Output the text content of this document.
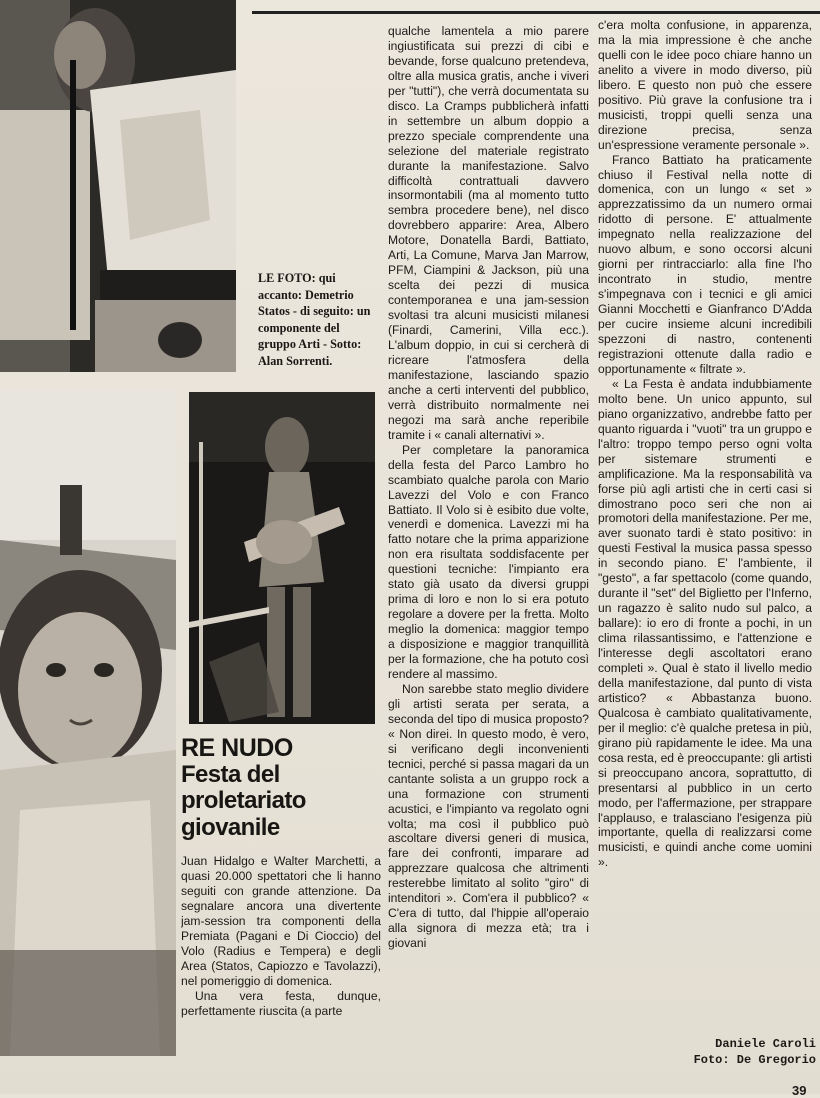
LE FOTO: qui accanto: Demetrio Statos - di seguito: un componente del gruppo Arti - Sotto: Alan Sorrenti.
RE NUDO
Festa del proletariato giovanile

Juan Hidalgo e Walter Marchetti, a quasi 20.000 spettatori che li hanno seguiti con grande attenzione. Da segnalare ancora una divertente jam-session tra componenti della Premiata (Pagani e Di Cioccio) del Volo (Radius e Tempera) e degli Area (Statos, Capiozzo e Tavolazzi), nel pomeriggio di domenica.

Una vera festa, dunque, perfettamente riuscita (a parte

qualche lamentela a mio parere ingiustificata sui prezzi di cibi e bevande, forse qualcuno pretendeva, oltre alla musica gratis, anche i viveri per "tutti"), che verrà documentata su disco. La Cramps pubblicherà infatti in settembre un album doppio a prezzo speciale comprendente una selezione del materiale registrato durante la manifestazione. Salvo difficoltà contrattuali davvero insormontabili (ma al momento tutto sembra procedere bene), nel disco dovrebbero apparire: Area, Albero Motore, Donatella Bardi, Battiato, Arti, La Comune, Marva Jan Marrow, PFM, Ciampini & Jackson, più una scelta dei pezzi di musica contemporanea e una jam-session svoltasi tra alcuni musicisti milanesi (Finardi, Camerini, Villa ecc.). L'album doppio, in cui si cercherà di ricreare l'atmosfera della manifestazione, lasciando spazio anche a certi interventi del pubblico, verrà distribuito normalmente nei negozi ma sarà anche reperibile tramite i « canali alternativi ».

Per completare la panoramica della festa del Parco Lambro ho scambiato qualche parola con Mario Lavezzi del Volo e con Franco Battiato. Il Volo si è esibito due volte, venerdì e domenica. Lavezzi mi ha fatto notare che la prima apparizione non era risultata soddisfacente per questioni tecniche: l'impianto era stato già usato da diversi gruppi prima di loro e non lo si era potuto regolare a dovere per la fretta. Molto meglio la domenica: maggior tempo a disposizione e maggior tranquillità per la formazione, che ha potuto così rendere al massimo.

Non sarebbe stato meglio dividere gli artisti serata per serata, a seconda del tipo di musica proposto? « Non direi. In questo modo, è vero, si verificano degli inconvenienti tecnici, perché si passa magari da un cantante solista a un gruppo rock a una formazione con strumenti acustici, e l'impianto va regolato ogni volta; ma così il pubblico può ascoltare diversi generi di musica, fare dei confronti, imparare ad apprezzare qualcosa che altrimenti resterebbe limitato al solito "giro" di intenditori ». Com'era il pubblico? « C'era di tutto, dal l'hippie all'operaio alla signora di mezza età; tra i giovani

c'era molta confusione, in apparenza, ma la mia impressione è che anche quelli con le idee poco chiare hanno un anelito a vivere in modo diverso, più libero. E questo non può che essere positivo. Più grave la confusione tra i musicisti, troppi quelli senza una direzione precisa, senza un'espressione veramente personale ».

Franco Battiato ha praticamente chiuso il Festival nella notte di domenica, con un lungo « set » apprezzatissimo da un numero ormai ridotto di persone. E' attualmente impegnato nella realizzazione del nuovo album, e sono occorsi alcuni giorni per rintracciarlo: alla fine l'ho incontrato in studio, mentre s'impegnava con i tecnici e gli amici Gianni Mocchetti e Gianfranco D'Adda per cucire insieme alcuni incredibili spezzoni di nastro, contenenti registrazioni ottenute dalla radio e opportunamente « filtrate ».

« La Festa è andata indubbiamente molto bene. Un unico appunto, sul piano organizzativo, andrebbe fatto per quanto riguarda i "vuoti" tra un gruppo e l'altro: troppo tempo perso ogni volta per sistemare strumenti e amplificazione. Ma la responsabilità va forse più agli artisti che in certi casi si dimostrano poco seri che non ai promotori della manifestazione. Per me, aver suonato tardi è stato positivo: in questi Festival la musica passa spesso in secondo piano. E' l'ambiente, il "gesto", a far spettacolo (come quando, durante il "set" del Biglietto per l'Inferno, un ragazzo è salito nudo sul palco, a ballare): io ero di fronte a pochi, in un clima rilassantissimo, e l'attenzione e l'interesse degli ascoltatori erano completi ». Qual è stato il livello medio della manifestazione, dal punto di vista artistico? « Abbastanza buono. Qualcosa è cambiato qualitativamente, per il meglio: c'è qualche pretesa in più, girano più rapidamente le idee. Ma una cosa resta, ed è preoccupante: gli artisti si preoccupano ancora, soprattutto, di presentarsi al pubblico in un certo modo, per l'affermazione, per strappare l'applauso, e tralasciano l'esigenza più importante, quella di realizzarsi come musicisti, e quindi anche come uomini ».

Daniele Caroli
Foto: De Gregorio
39
